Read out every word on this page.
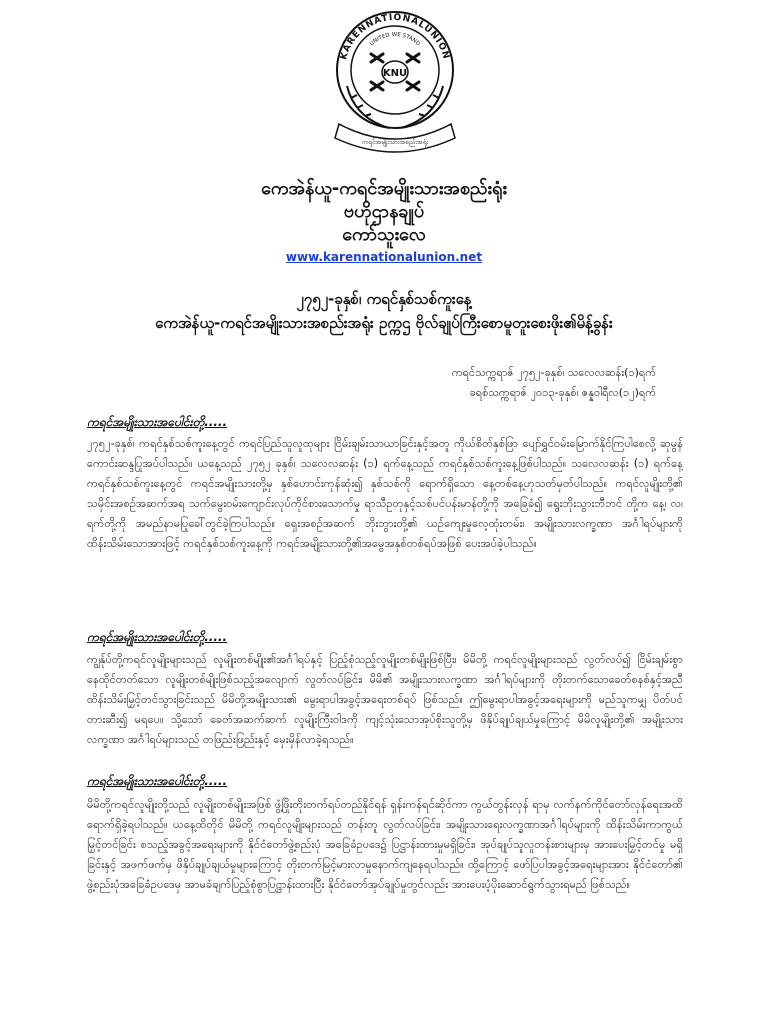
KARENNATIONALUNION
UNITED WE STAND
KNU
ကရင်အမျိုးသားအစည်းအရုံး
ကေအဲန်ယူ-ကရင်အမျိုးသားအစည်းရုံး
ဗဟိုဌာနချုပ်
ကော်သူးလေ
www.karennationalunion.net
၂၇၅၂-ခုနှစ်၊ ကရင်နှစ်သစ်ကူးနေ့
ကေအဲန်ယူ-ကရင်အမျိုးသားအစည်းအရုံး ဥက္ကဌ ဗိုလ်ချုပ်ကြီးစောမူတူးစေးဖိုး၏မိန့်ခွန်း
ကရင်သက္ကရာဇ် ၂၇၅၂-ခုနှစ်၊ သလေလဆန်း(၁)ရက်
ခရစ်သက္ကရာဇ် ၂၀၁၃-ခုနှစ်၊ ဇန္နဝါရီလ(၁၂)ရက်
ကရင်အမျိုးသားအပေါင်းတို့.....

၂၇၅၂-ခုနှစ်၊ ကရင်နှစ်သစ်ကူးနေ့တွင် ကရင်ပြည်သူလူထုများ ငြိမ်းချမ်းသာယာခြင်းနှင့်အတူ ကိုယ်စိတ်နှစ်ဖြာ ပျော်ရွှင်ဝမ်းမြောက်နိုင်ကြပါစေလို့ ဆုမွန်ကောင်းဆန္ဒပြုအပ်ပါသည်။ ယနေ့သည် ၂၇၅၂ ခုနှစ်၊ သလေလဆန်း (၁) ရက်နေ့သည် ကရင်နှစ်သစ်ကူးနေ့ဖြစ်ပါသည်။ သလေလဆန်း (၁) ရက်နေ့ ကရင်နှစ်သစ်ကူးနေ့တွင် ကရင်အမျိုးသားတို့မှ နှစ်ဟောင်းကုန်ဆုံး၍ နှစ်သစ်ကို ရောက်ရှိသော နေ့တစ်နေ့ဟုသတ်မှတ်ပါသည်။ ကရင်လူမျိုးတို့၏ သမိုင်းအစဉ်အဆက်အရ သက်မွေးဝမ်းကျောင်းလုပ်ကိုင်စားသောက်မှု ရာသီဥတုနှင့်သစ်ပင်ပန်းမာန်တို့ကို အခြေခံ၍ ရွေးဘိုးသွားဘီဘင် တို့က နေ့၊ လ၊ ရက်တို့ကို အမည်နာမပြုခေါ်တွင်ခဲ့ကြပါသည်။ ရှေးအစဉ်အဆက် ဘိုးဘွားတို့၏ ယဉ်ကျေးမှုလေ့ထုံးတမ်း၊ အမျိုးသားလက္ခဏာ အင်္ဂါရပ်များကို ထိန်းသိမ်းသောအားဖြင့် ကရင်နှစ်သစ်ကူးနေ့ကို ကရင်အမျိုးသားတို့၏အမွေအနှစ်တစ်ရပ်အဖြစ် ပေးအပ်ခဲ့ပါသည်။

ကရင်အမျိုးသားအပေါင်းတို့.....

ကျွန်ုပ်တို့ကရင်လူမျိုးများသည် လူမျိုးတစ်မျိုး၏အင်္ဂါရပ်နှင့် ပြည့်စုံသည့်လူမျိုးတစ်မျိုးဖြစ်ပြီး၊ မိမိတို့ ကရင်လူမျိုးများသည် လွတ်လပ်၍ ငြိမ်းချမ်းစွာနေထိုင်တတ်သော လူမျိုးတစ်မျိုးဖြစ်သည့်အလျောက် လွတ်လပ်ခြင်း၊ မိမိ၏ အမျိုးသားလက္ခဏာ အင်္ဂါရပ်များကို တိုးတက်သောခေတ်စနစ်နှင့်အညီ ထိန်းသိမ်းမြှင့်တင်သွားခြင်းသည် မိမိတို့အမျိုးသား၏ မွေးရာပါအခွင့်အရေးတစ်ရပ် ဖြစ်သည်။ ဤမွေးရာပါအခွင့်အရေးများကို မည်သူကမျှ ပိတ်ပင်တားဆီး၍ မရပေ။ သို့သော် ခေတ်အဆက်ဆက် လူမျိုးကြီးဝါဒကို ကျင့်သုံးသောအုပ်စိုးသူတို့မှ ဖိနှိပ်ချုပ်ချယ်မှုကြောင့် မိမိလူမျိုးတို့၏ အမျိုးသားလက္ခဏာ အင်္ဂါရပ်များသည် တဖြည်းဖြည်းနှင့် မှေးမှိန်လာခဲ့ရသည်။

ကရင်အမျိုးသားအပေါင်းတို့.....

မိမိတို့ကရင်လူမျိုးတို့သည် လူမျိုးတစ်မျိုးအဖြစ် ဖွံ့ဖြိုးတိုးတက်ရပ်တည်နိုင်ရန် ရှန်းကန်ရင်ဆိုင်ကာ ကွယ်တွန်းလှန် ရာမှ လက်နက်ကိုင်တော်လှန်ရေးအထိ ရောက်ရှိခဲ့ရပါသည်။ ယနေ့ထိတိုင် မိမိတို့ ကရင်လူမျိုးများသည် တန်းတူ လွတ်လပ်ခြင်း၊ အမျိုးသားရေးလက္ခဏာအင်္ဂါရပ်များကို ထိန်းသိမ်းကာကွယ်မြှင့်တင်ခြင်း စသည့်အခွင့်အရေးများကို နိုင်ငံတော်ဖွဲ့စည်းပုံ အခြေခံဥပဒေ၌ ပြဋ္ဌာန်းထားမှုမရှိခြင်း၊ အုပ်ချုပ်သူလူတန်းစားများမှ အားပေးမြှင့်တင်မှု မရှိခြင်းနှင့် အဖက်ဖက်မှ ဖိနှိပ်ချုပ်ချယ်မှုများကြောင့် တိုးတက်မြင့်မားလာမှုနောက်ကျနေရပါသည်။ ထို့ကြောင့် ဖော်ပြပါအခွင့်အရေးများအား နိုင်ငံတော်၏ ဖွဲ့စည်းပုံအခြေခံဥပဒေမှ အာမခံချက်ပြည့်စုံစွာပြဋ္ဌာန်းထားပြီး နိုင်ငံတော်အုပ်ချုပ်မှုတွင်လည်း အားပေးပံ့ပိုးဆောင်ရွက်သွားရမည် ဖြစ်သည်။
